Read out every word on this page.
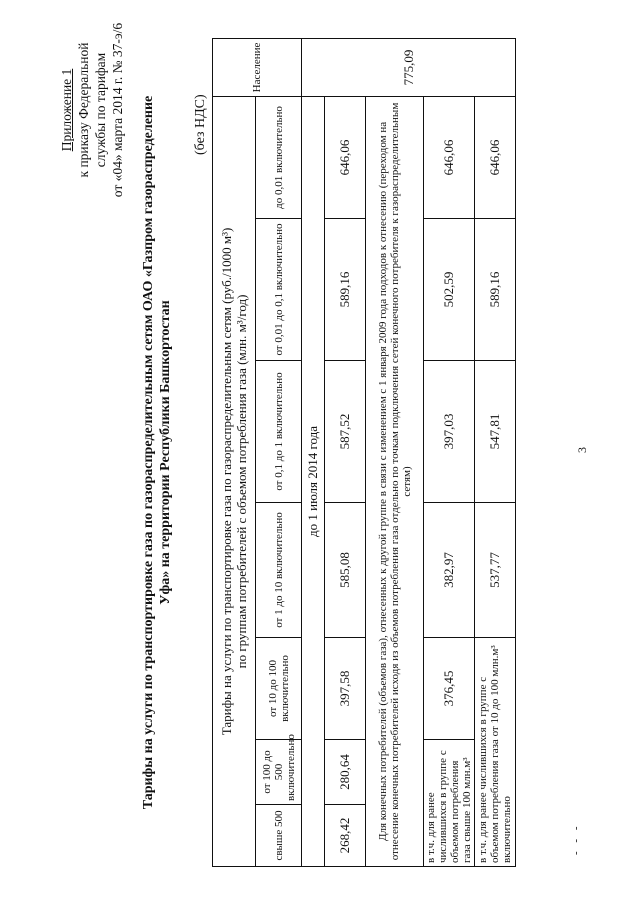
Приложение 1 к приказу Федеральной службы по тарифам от «04» марта 2014 г. № 37-э/6 Тарифы на услуги по транспортировке газа по газораспределительным сетям ОАО «Газпром газораспределение Уфа» на территории Республики Башкортостан
(без НДС)
Тарифы на услуги по транспортировке газа по газораспределительным сетям (руб./1000 м³) по группам потребителей с объемом потребления газа (млн. м³/год)							Население
свыше 500	от 100 до 500 включительно	от 10 до 100 включительно	от 1 до 10 включительно	от 0,1 до 1 включительно	от 0,01 до 0,1 включительно	до 0,01 включительно	
до 1 июля 2014 года							775,09
268,42	280,64	397,58	585,08	587,52	589,16	646,06	
Для конечных потребителей (объемов газа), отнесенных к другой группе в связи с изменением с 1 января 2009 года подходов к отнесению (переходом на отнесение конечных потребителей исходя из объемов потребления газа отдельно по точкам подключения сетей конечного потребителя к газораспределительным сетям)							
в т.ч. для ранее числившихся в группе с объемом потребления газа свыше 100 млн.м³		376,45	382,97	397,03	502,59	646,06	
в т.ч. для ранее числившихся в группе с объемом потребления газа от 10 до 100 млн.м³ включительно			537,77	547,81	589,16	646,06	
3
- - -
